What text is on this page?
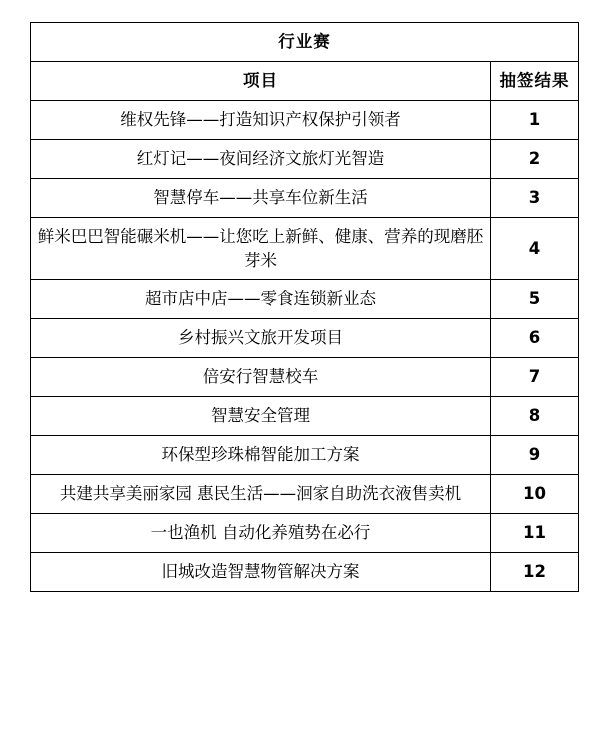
行业赛	
项目	抽签结果
维权先锋——打造知识产权保护引领者	1
红灯记——夜间经济文旅灯光智造	2
智慧停车——共享车位新生活	3
鲜米巴巴智能碾米机——让您吃上新鲜、健康、营养的现磨胚芽米	4
超市店中店——零食连锁新业态	5
乡村振兴文旅开发项目	6
倍安行智慧校车	7
智慧安全管理	8
环保型珍珠棉智能加工方案	9
共建共享美丽家园 惠民生活——洄家自助洗衣液售卖机	10
一也渔机 自动化养殖势在必行	11
旧城改造智慧物管解决方案	12
